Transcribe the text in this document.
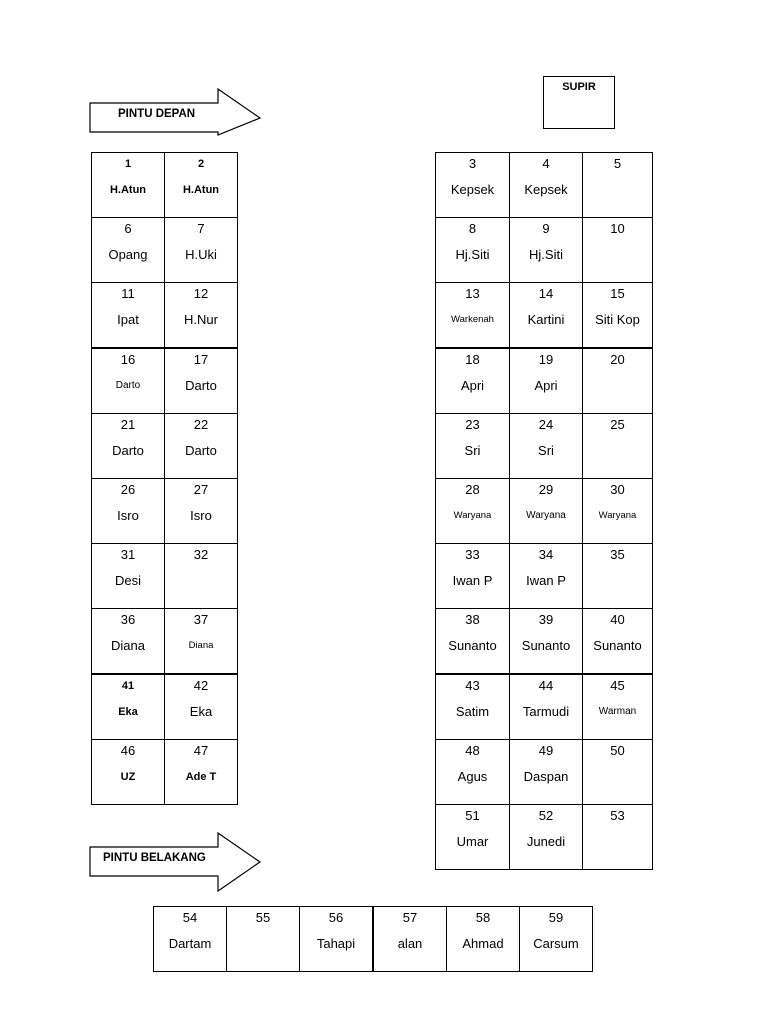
SUPIR
PINTU DEPAN
PINTU BELAKANG
1
H.Atun
2
H.Atun
6
Opang
7
H.Uki
11
Ipat
12
H.Nur
16
Darto
17
Darto
21
Darto
22
Darto
26
Isro
27
Isro
31
Desi
32
36
Diana
37
Diana
41
Eka
42
Eka
46
UZ
47
Ade T
3
Kepsek
4
Kepsek
5
8
Hj.Siti
9
Hj.Siti
10
13
Warkenah
14
Kartini
15
Siti Kop
18
Apri
19
Apri
20
23
Sri
24
Sri
25
28
Waryana
29
Waryana
30
Waryana
33
Iwan P
34
Iwan P
35
38
Sunanto
39
Sunanto
40
Sunanto
43
Satim
44
Tarmudi
45
Warman
48
Agus
49
Daspan
50
51
Umar
52
Junedi
53
54
Dartam
55	56
Tahapi
57
alan
58
Ahmad
59
Carsum
